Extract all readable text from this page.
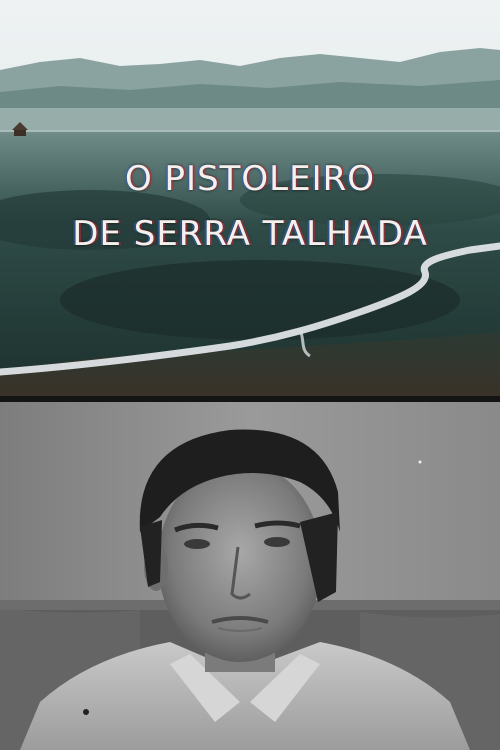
O PISTOLEIRO
DE SERRA TALHADA
